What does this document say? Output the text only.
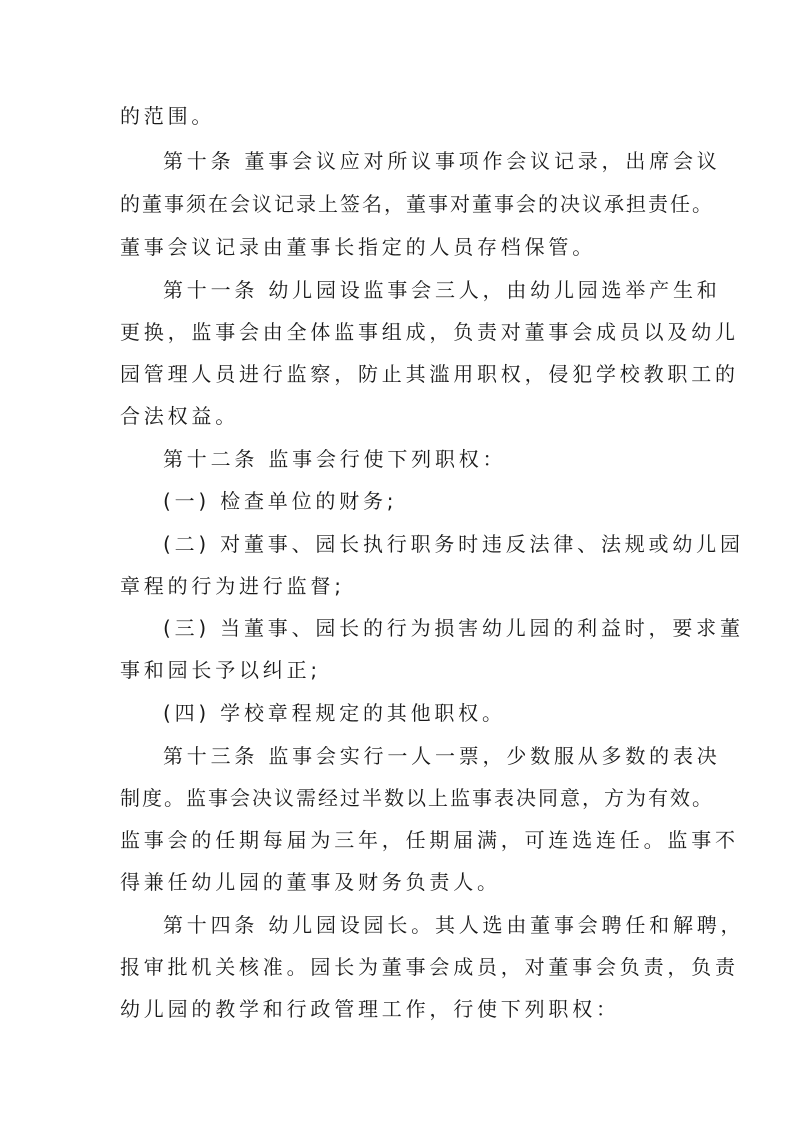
的范围。
第十条 董事会议应对所议事项作会议记录，出席会议
的董事须在会议记录上签名，董事对董事会的决议承担责任。
董事会议记录由董事长指定的人员存档保管。
第十一条 幼儿园设监事会三人，由幼儿园选举产生和
更换，监事会由全体监事组成，负责对董事会成员以及幼儿
园管理人员进行监察，防止其滥用职权，侵犯学校教职工的
合法权益。
第十二条 监事会行使下列职权：
(一) 检查单位的财务;
(二) 对董事、园长执行职务时违反法律、法规或幼儿园
章程的行为进行监督;
(三) 当董事、园长的行为损害幼儿园的利益时，要求董
事和园长予以纠正;
(四) 学校章程规定的其他职权。
第十三条 监事会实行一人一票，少数服从多数的表决
制度。监事会决议需经过半数以上监事表决同意，方为有效。
监事会的任期每届为三年，任期届满，可连选连任。监事不
得兼任幼儿园的董事及财务负责人。
第十四条 幼儿园设园长。其人选由董事会聘任和解聘，
报审批机关核准。园长为董事会成员，对董事会负责，负责
幼儿园的教学和行政管理工作，行使下列职权：
